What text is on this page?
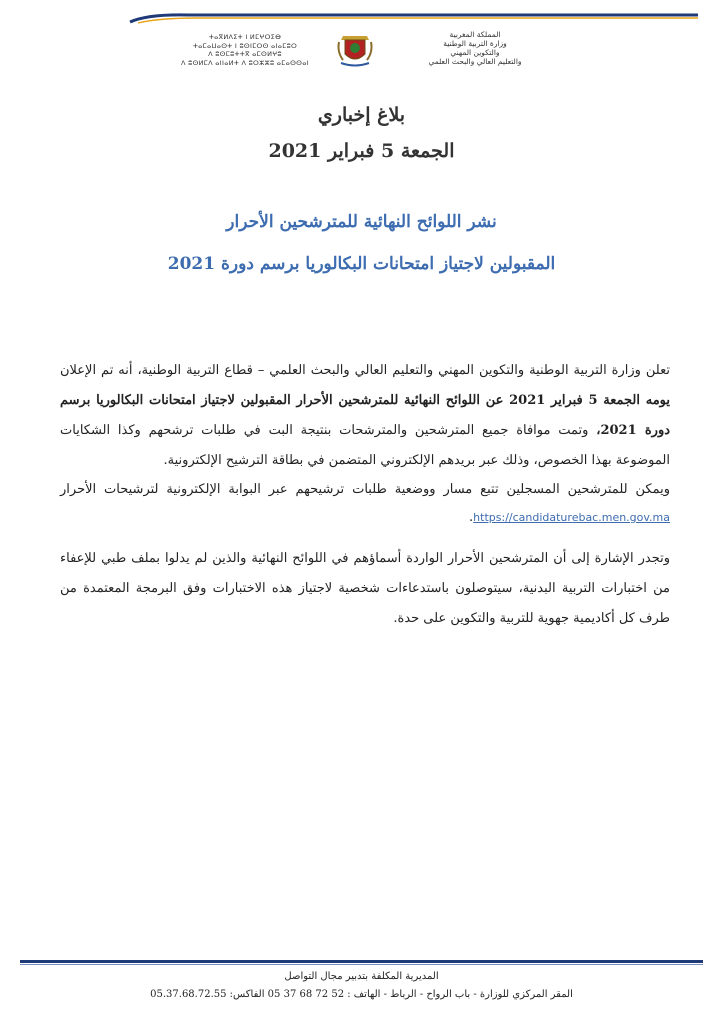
ⵜⴰⴳⵍⴷⵉⵜ ⵏ ⵍⵎⵖⵔⵉⴱ
ⵜⴰⵎⴰⵡⴰⵙⵜ ⵏ ⵓⵙⵏⵎⵔⵙ ⴰⵏⴰⵎⵓⵔ
ⴷ ⵓⵙⵎⵓⵜⵜⴳ ⴰⵎⵙⵍⵖⵓ
ⴷ ⵓⵙⵍⵎⴷ ⴰⵏⵏⴰⵍⵜ ⴷ ⵓⵔⵣⵣⵓ ⴰⵎⴰⵙⵙⴰⵏ
المملكة المغربية
وزارة التربية الوطنية
والتكوين المهني
والتعليم العالي والبحث العلمي
بلاغ إخباري
الجمعة 5 فبراير 2021
نشر اللوائح النهائية للمترشحين الأحرار
المقبولين لاجتياز امتحانات البكالوريا برسم دورة 2021

تعلن وزارة التربية الوطنية والتكوين المهني والتعليم العالي والبحث العلمي – قطاع التربية الوطنية، أنه تم الإعلان يومه الجمعة 5 فبراير 2021 عن اللوائح النهائية للمترشحين الأحرار المقبولين لاجتياز امتحانات البكالوريا برسم دورة 2021، وتمت موافاة جميع المترشحين والمترشحات بنتيجة البت في طلبات ترشحهم وكذا الشكايات الموضوعة بهذا الخصوص، وذلك عبر بريدهم الإلكتروني المتضمن في بطاقة الترشيح الإلكترونية.

ويمكن للمترشحين المسجلين تتبع مسار ووضعية طلبات ترشيحهم عبر البوابة الإلكترونية لترشيحات الأحرار https://candidaturebac.men.gov.ma.

وتجدر الإشارة إلى أن المترشحين الأحرار الواردة أسماؤهم في اللوائح النهائية والذين لم يدلوا بملف طبي للإعفاء من اختبارات التربية البدنية، سيتوصلون باستدعاءات شخصية لاجتياز هذه الاختبارات وفق البرمجة المعتمدة من طرف كل أكاديمية جهوية للتربية والتكوين على حدة.

المديرية المكلفة بتدبير مجال التواصل
المقر المركزي للوزارة - باب الرواح - الرباط - الهاتف : 52 72 68 37 05 الفاكس: 05.37.68.72.55
